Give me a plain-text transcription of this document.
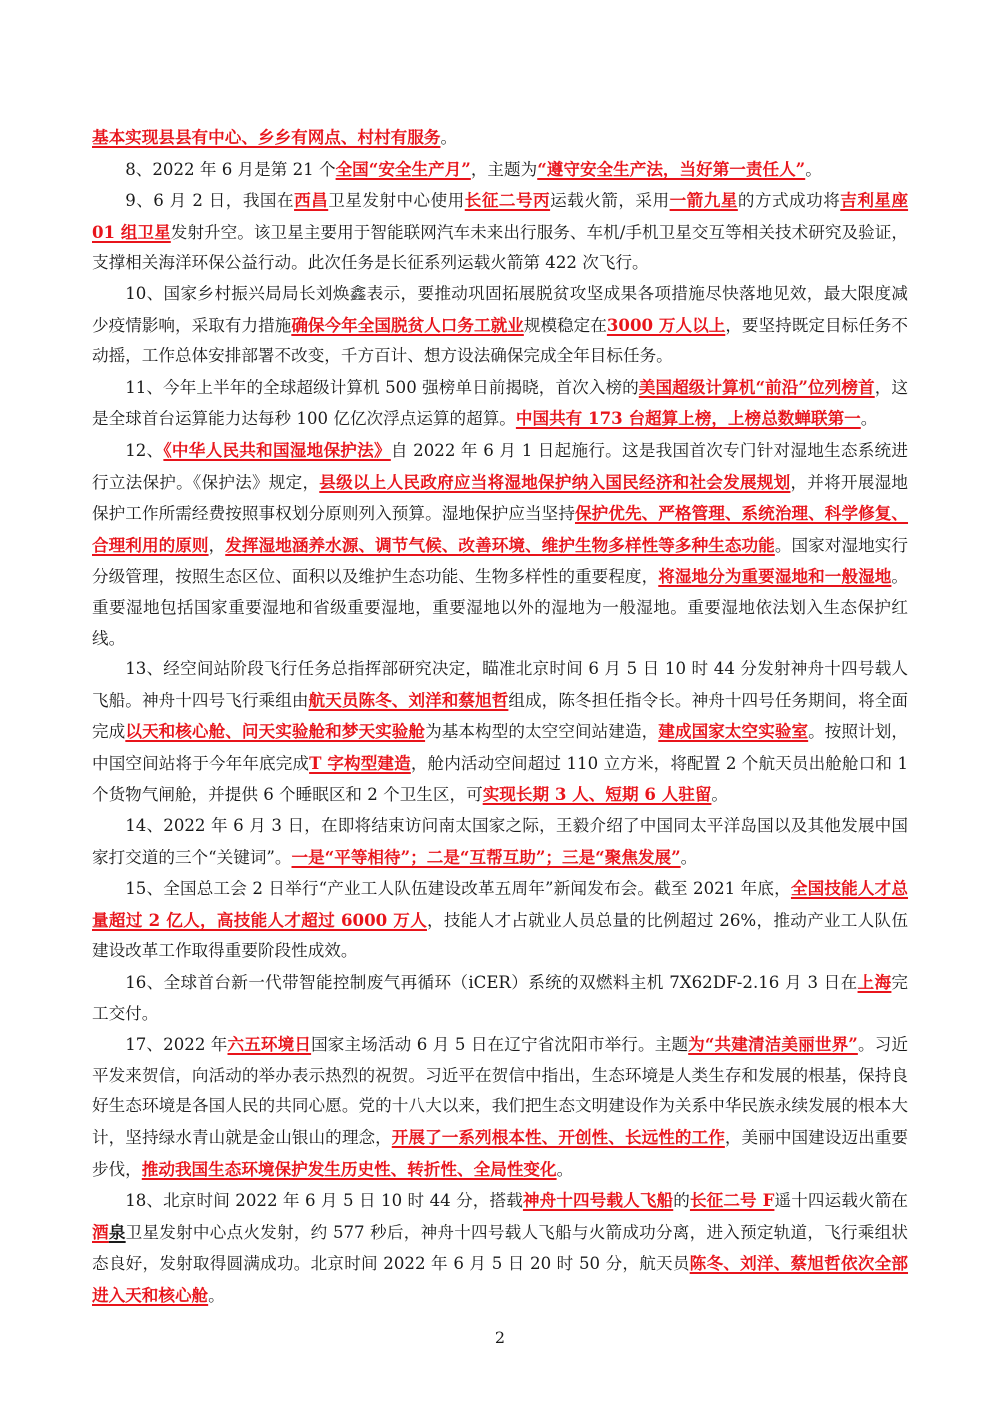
基本实现县县有中心、乡乡有网点、村村有服务。

8、2022 年 6 月是第 21 个全国“安全生产月”，主题为“遵守安全生产法，当好第一责任人”。

9、6 月 2 日，我国在西昌卫星发射中心使用长征二号丙运载火箭，采用一箭九星的方式成功将吉利星座 01 组卫星发射升空。该卫星主要用于智能联网汽车未来出行服务、车机/手机卫星交互等相关技术研究及验证，支撑相关海洋环保公益行动。此次任务是长征系列运载火箭第 422 次飞行。

10、国家乡村振兴局局长刘焕鑫表示，要推动巩固拓展脱贫攻坚成果各项措施尽快落地见效，最大限度减少疫情影响，采取有力措施确保今年全国脱贫人口务工就业规模稳定在3000 万人以上，要坚持既定目标任务不动摇，工作总体安排部署不改变，千方百计、想方设法确保完成全年目标任务。

11、今年上半年的全球超级计算机 500 强榜单日前揭晓，首次入榜的美国超级计算机“前沿”位列榜首，这是全球首台运算能力达每秒 100 亿亿次浮点运算的超算。中国共有 173 台超算上榜，上榜总数蝉联第一。

12、《中华人民共和国湿地保护法》自 2022 年 6 月 1 日起施行。这是我国首次专门针对湿地生态系统进行立法保护。《保护法》规定，县级以上人民政府应当将湿地保护纳入国民经济和社会发展规划，并将开展湿地保护工作所需经费按照事权划分原则列入预算。湿地保护应当坚持保护优先、严格管理、系统治理、科学修复、合理利用的原则，发挥湿地涵养水源、调节气候、改善环境、维护生物多样性等多种生态功能。国家对湿地实行分级管理，按照生态区位、面积以及维护生态功能、生物多样性的重要程度，将湿地分为重要湿地和一般湿地。重要湿地包括国家重要湿地和省级重要湿地，重要湿地以外的湿地为一般湿地。重要湿地依法划入生态保护红线。

13、经空间站阶段飞行任务总指挥部研究决定，瞄准北京时间 6 月 5 日 10 时 44 分发射神舟十四号载人飞船。神舟十四号飞行乘组由航天员陈冬、刘洋和蔡旭哲组成，陈冬担任指令长。神舟十四号任务期间，将全面完成以天和核心舱、问天实验舱和梦天实验舱为基本构型的太空空间站建造，建成国家太空实验室。按照计划，中国空间站将于今年年底完成T 字构型建造，舱内活动空间超过 110 立方米，将配置 2 个航天员出舱舱口和 1 个货物气闸舱，并提供 6 个睡眠区和 2 个卫生区，可实现长期 3 人、短期 6 人驻留。

14、2022 年 6 月 3 日，在即将结束访问南太国家之际，王毅介绍了中国同太平洋岛国以及其他发展中国家打交道的三个“关键词”。一是“平等相待”；二是“互帮互助”；三是“聚焦发展”。

15、全国总工会 2 日举行“产业工人队伍建设改革五周年”新闻发布会。截至 2021 年底，全国技能人才总量超过 2 亿人，高技能人才超过 6000 万人，技能人才占就业人员总量的比例超过 26%，推动产业工人队伍建设改革工作取得重要阶段性成效。

16、全球首台新一代带智能控制废气再循环（iCER）系统的双燃料主机 7X62DF-2.16 月 3 日在上海完工交付。

17、2022 年六五环境日国家主场活动 6 月 5 日在辽宁省沈阳市举行。主题为“共建清洁美丽世界”。习近平发来贺信，向活动的举办表示热烈的祝贺。习近平在贺信中指出，生态环境是人类生存和发展的根基，保持良好生态环境是各国人民的共同心愿。党的十八大以来，我们把生态文明建设作为关系中华民族永续发展的根本大计，坚持绿水青山就是金山银山的理念，开展了一系列根本性、开创性、长远性的工作，美丽中国建设迈出重要步伐，推动我国生态环境保护发生历史性、转折性、全局性变化。

18、北京时间 2022 年 6 月 5 日 10 时 44 分，搭载神舟十四号载人飞船的长征二号 F遥十四运载火箭在酒泉卫星发射中心点火发射，约 577 秒后，神舟十四号载人飞船与火箭成功分离，进入预定轨道，飞行乘组状态良好，发射取得圆满成功。北京时间 2022 年 6 月 5 日 20 时 50 分，航天员陈冬、刘洋、蔡旭哲依次全部进入天和核心舱。

2
